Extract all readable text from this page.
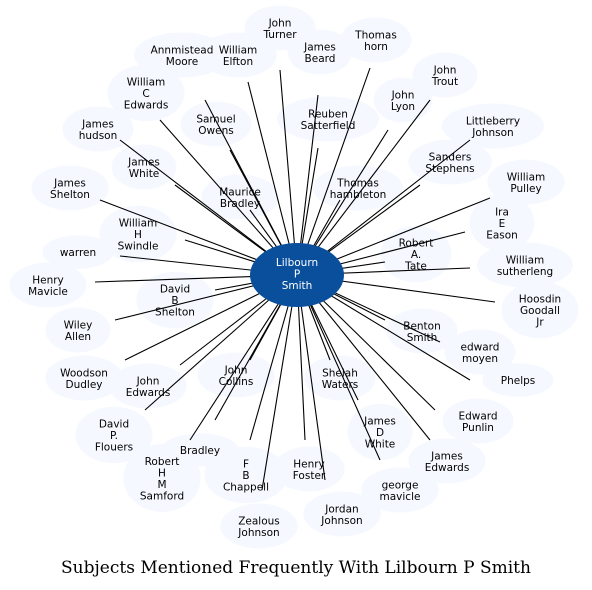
Lilbourn P Smith
John Turner
James Beard
Thomas horn
Annmistead Moore
William Elfton
John Trout
William C Edwards
John Lyon
Reuben Satterfield
Samuel Owens
Littleberry Johnson
James hudson
Sanders Stephens
James White	William Pulley
Thomas hambleton
James Shelton	Maurice Bradley
Ira E Eason
William H Swindle	Robert A. Tate
warren
William sutherleng
Henry Mavicle	David B Shelton
Hoosdin Goodall Jr
Wiley Allen
Benton Smith
edward moyen
Woodson Dudley	John Edwards
John Collins
Shelah Waters	Phelps
Edward Punlin
David P. Flouers
James D White
Bradley	James Edwards
Robert H M Samford
F B Chappell
Henry Foster
george mavicle
Jordan Johnson
Zealous Johnson
Subjects Mentioned Frequently With Lilbourn P Smith
